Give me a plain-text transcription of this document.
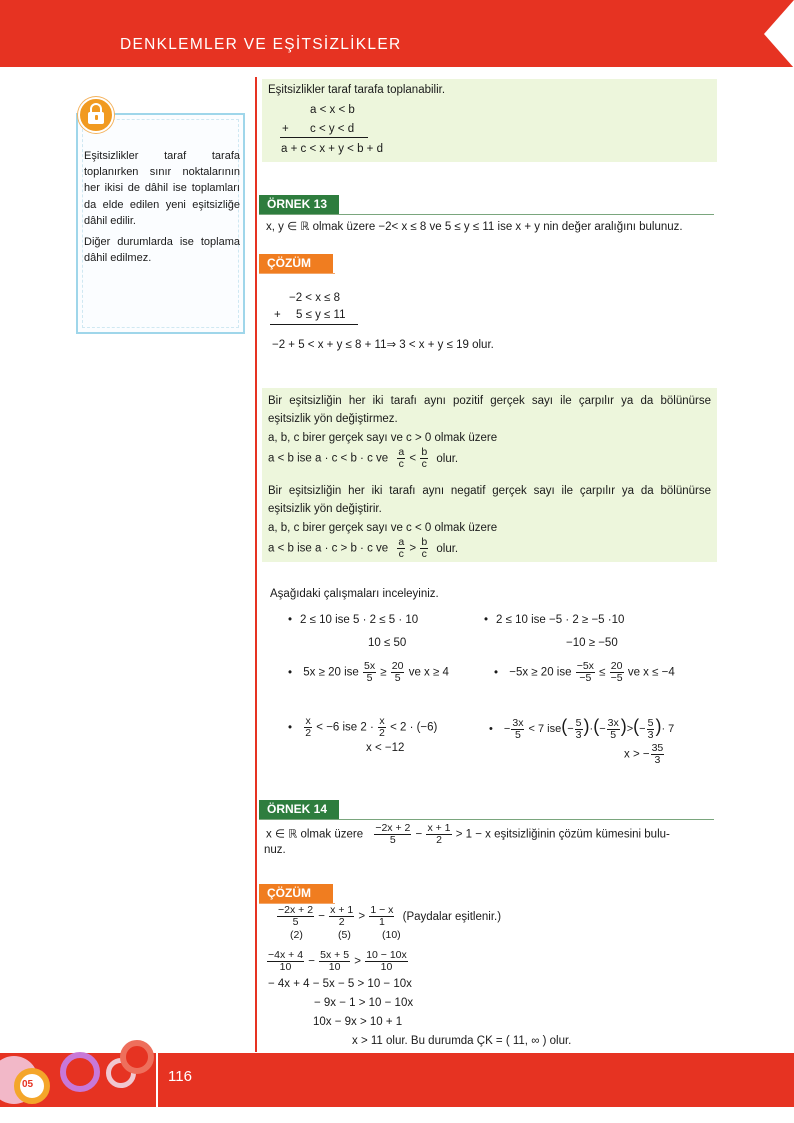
DENKLEMLER VE EŞİTSİZLİKLER

Eşitsizlikler taraf tarafa toplanırken sınır noktalarının her ikisi de dâhil ise toplamları da elde edilen yeni eşitsizliğe dâhil edilir.

Diğer durumlarda ise toplama dâhil edilmez.

Eşitsizlikler taraf tarafa toplanabilir.
a < x < b
+ c < y < d
a + c < x + y < b + d
ÖRNEK 13
x, y ∈ ℝ olmak üzere −2< x ≤ 8 ve 5 ≤ y ≤ 11 ise x + y nin değer aralığını bulunuz.
ÇÖZÜM
−2 < x ≤ 8
+ 5 ≤ y ≤ 11
−2 + 5 < x + y ≤ 8 + 11⇒ 3 < x + y ≤ 19 olur.
Bir eşitsizliğin her iki tarafı aynı pozitif gerçek sayı ile çarpılır ya da bölünürse
eşitsizlik yön değiştirmez.
a, b, c birer gerçek sayı ve c > 0 olmak üzere
a < b ise a · c < b · c ve $\frac{a}{c} < \frac{b}{c}$ olur.
Bir eşitsizliğin her iki tarafı aynı negatif gerçek sayı ile çarpılır ya da bölünürse
eşitsizlik yön değiştirir.
a, b, c birer gerçek sayı ve c < 0 olmak üzere
a < b ise a · c > b · c ve $\frac{a}{c} > \frac{b}{c}$ olur.
Aşağıdaki çalışmaları inceleyiniz.
• 2 ≤ 10 ise 5 · 2 ≤ 5 · 10
10 ≤ 50
• 2 ≤ 10 ise −5 · 2 ≥ −5 ·10
−10 ≥ −50
• 5x ≥ 20 ise $\frac{5x}{5} \ge \frac{20}{5}$ ve x ≥ 4	• −5x ≥ 20 ise $\frac{-5x}{-5} \le \frac{20}{-5}$ ve x ≤ −4

• $\frac{x}{2} < -6$ ise $2 \cdot \frac{x}{2} < 2 \cdot (-6)$
x < −12
• − $\frac{3x}{5} < 7$ $ise(- \frac{5}{3}$ )·(− $\frac{3x}{5}$ )>(− $\frac{5}{3}$ )· 7
x > − $\frac{35}{3}$
ÖRNEK 14
x ∈ ℝ olmak üzere $\frac{-2x + 2}{5} - \frac{x + 1}{2} > 1 - x$ eşitsizliğinin çözüm kümesini bulu-
nuz.
ÇÖZÜM
$\frac{-2x + 2}{5} - \frac{x + 1}{2} > \frac{1 - x}{1}$ (Paydalar eşitlenir.)
(2)	(5)	(10)
$\frac{-4x + 4}{10} - \frac{5x + 5}{10} > \frac{10 - 10x}{10}$
− 4x + 4 − 5x − 5 > 10 − 10x
− 9x − 1 > 10 − 10x
10x − 9x > 10 + 1
x > 11 olur. Bu durumda ÇK = ( 11, ∞ ) olur.
05	116
